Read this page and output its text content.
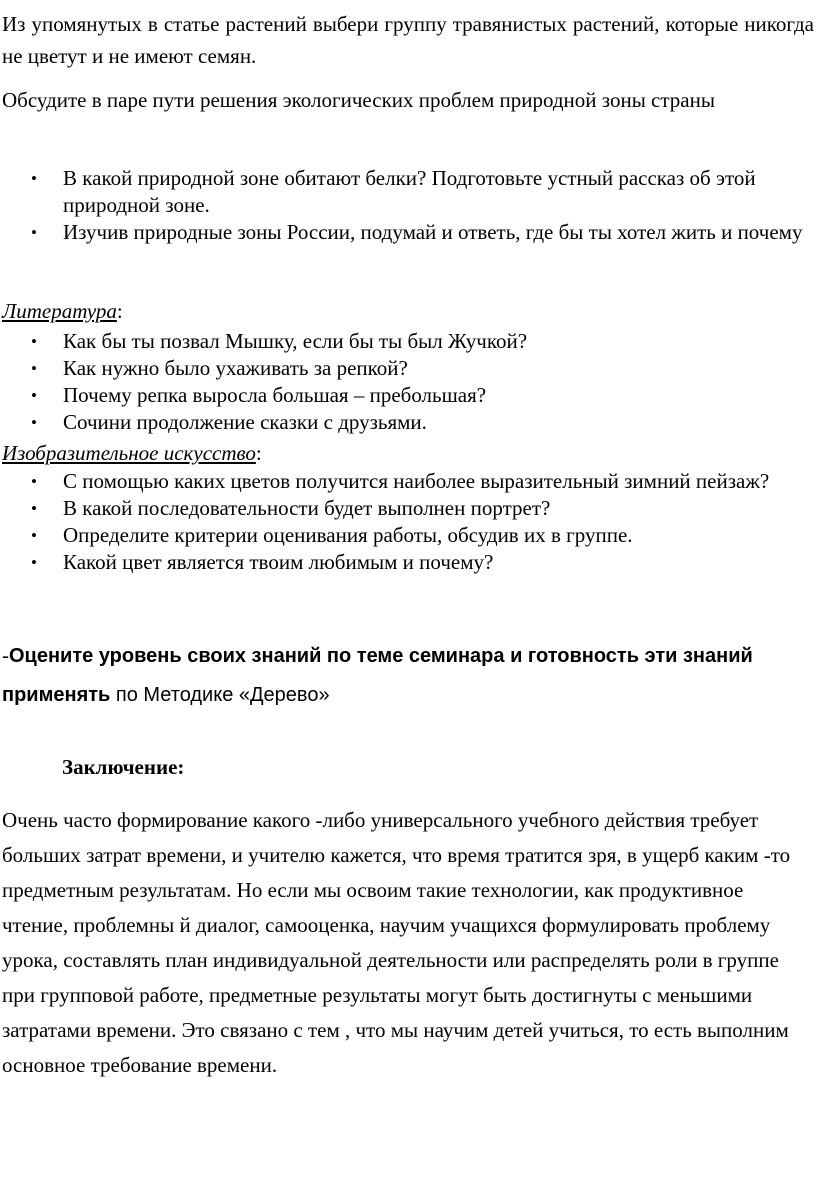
Из упомянутых в статье растений выбери группу травянистых растений, которые никогда не цветут и не имеют семян.

Обсудите в паре пути решения экологических проблем природной зоны страны

• В какой природной зоне обитают белки? Подготовьте устный рассказ об этой природной зоне.
• Изучив природные зоны России, подумай и ответь, где бы ты хотел жить и почему

Литература:

• Как бы ты позвал Мышку, если бы ты был Жучкой?
• Как нужно было ухаживать за репкой?
• Почему репка выросла большая – пребольшая?
• Сочини продолжение сказки с друзьями.

Изобразительное искусство:

• С помощью каких цветов получится наиболее выразительный зимний пейзаж?
• В какой последовательности будет выполнен портрет?
• Определите критерии оценивания работы, обсудив их в группе.
• Какой цвет является твоим любимым и почему?

-Оцените уровень своих знаний по теме семинара и готовность эти знаний применять по Методике «Дерево»

Заключение:

Очень часто формирование какого -либо универсального учебного действия требует больших затрат времени, и учителю кажется, что время тратится зря, в ущерб каким -то предметным результатам. Но если мы освоим такие технологии, как продуктивное чтение, проблемны й диалог, самооценка, научим учащихся формулировать проблему урока, составлять план индивидуальной деятельности или распределять роли в группе при групповой работе, предметные результаты могут быть достигнуты с меньшими затратами времени. Это связано с тем , что мы научим детей учиться, то есть выполним основное требование времени.
